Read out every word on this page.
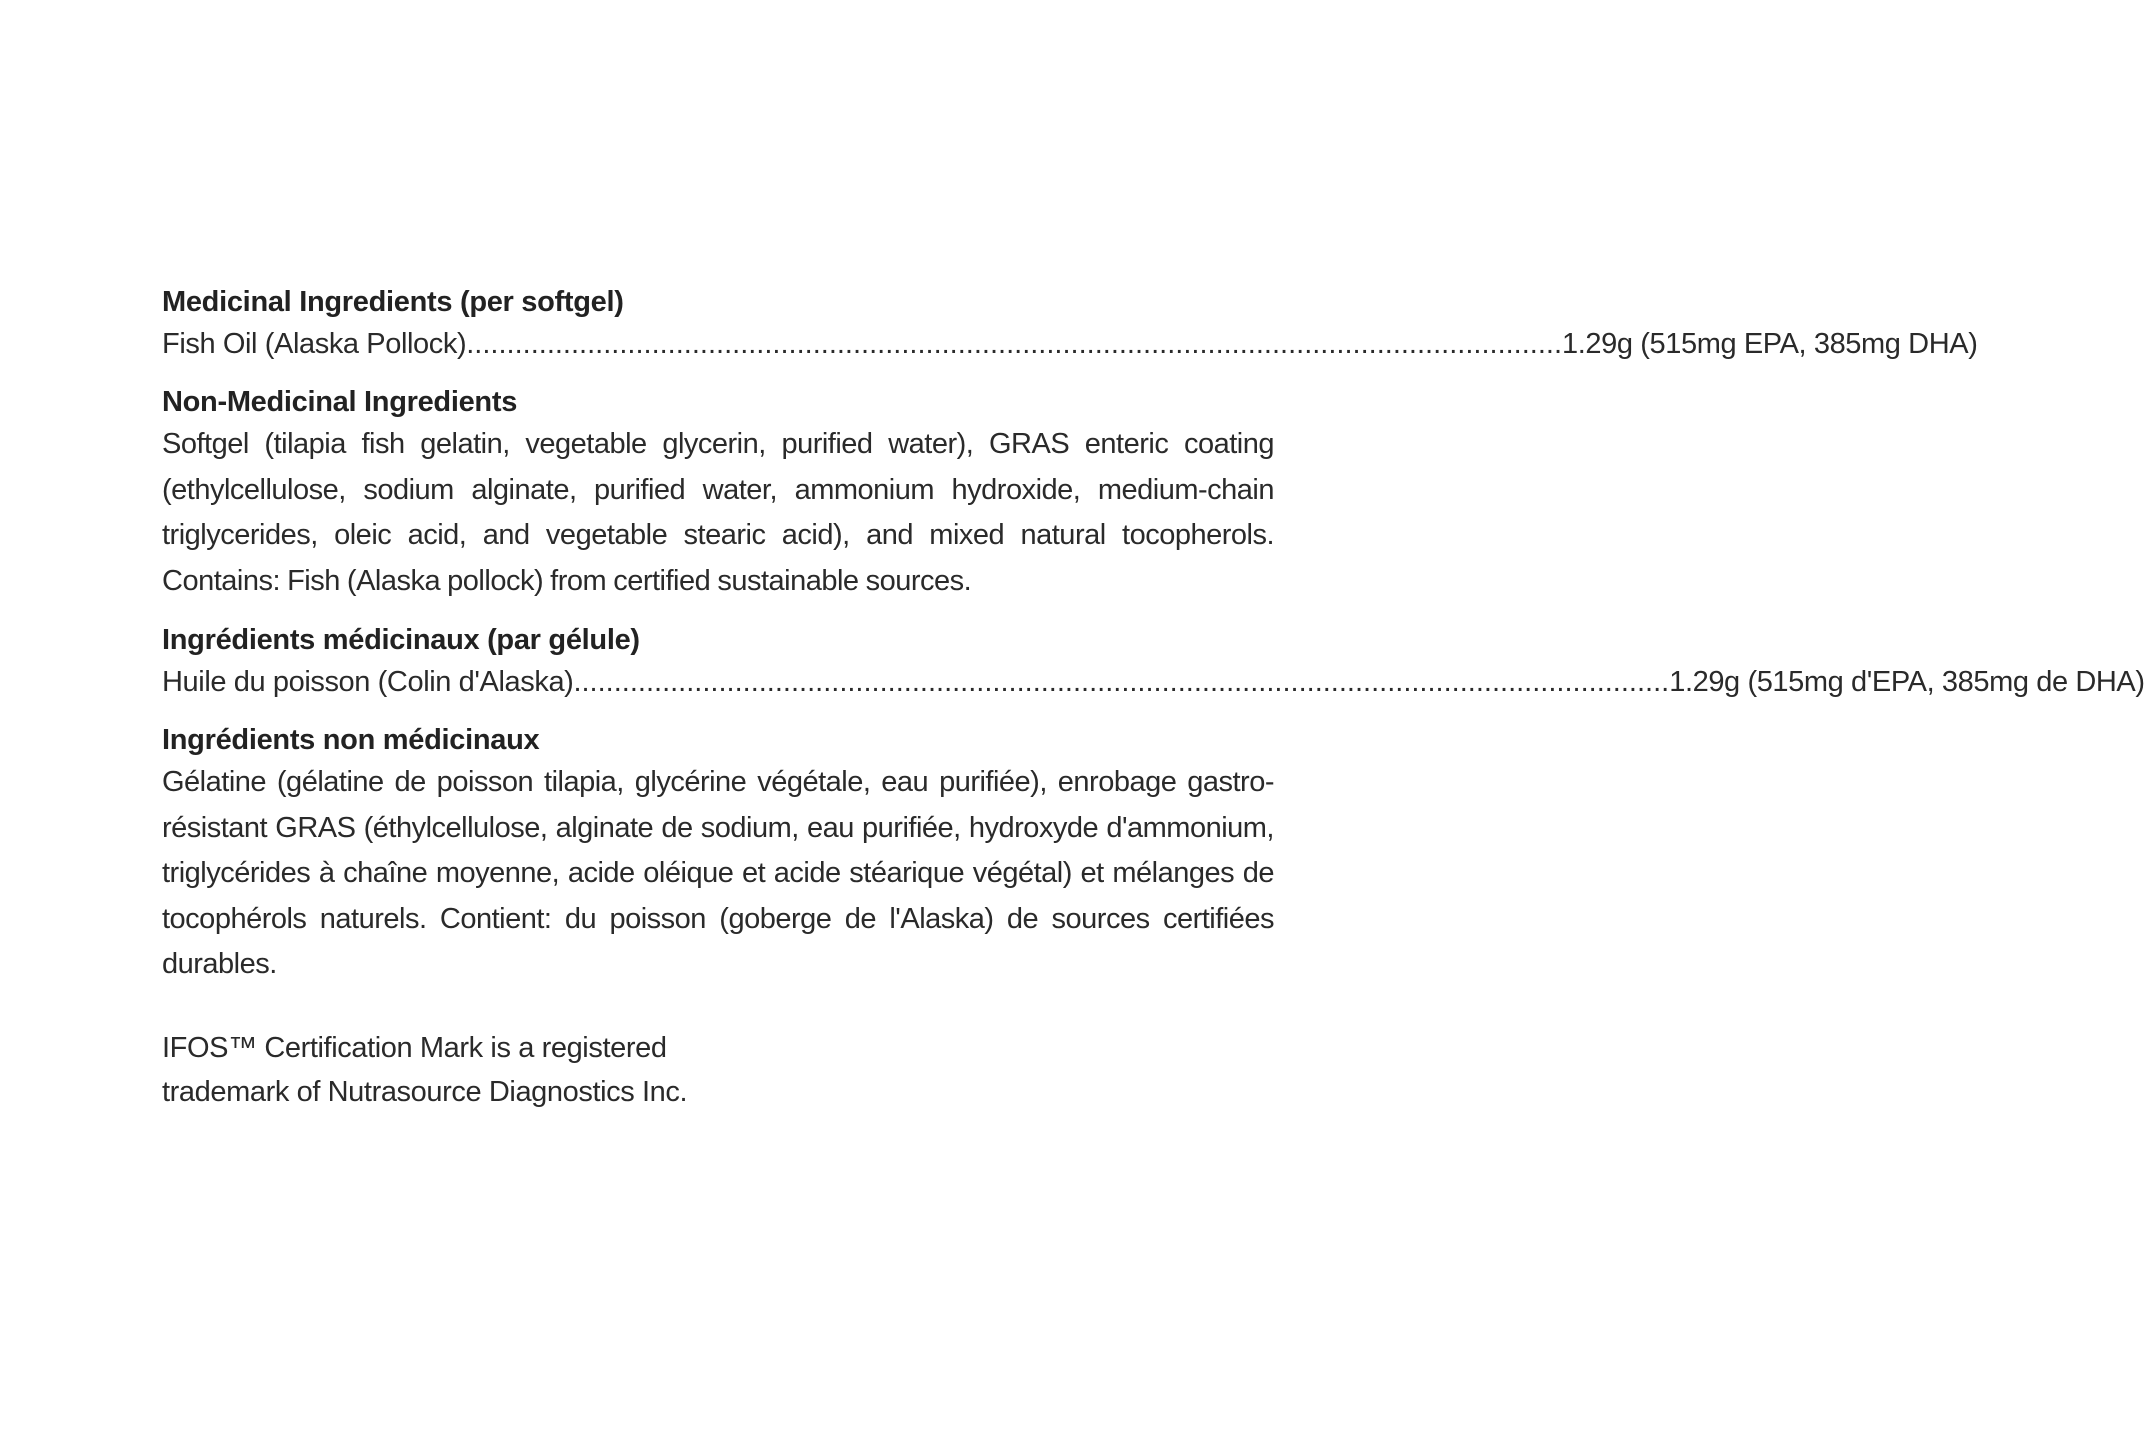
Medicinal Ingredients (per softgel)
Fish Oil (Alaska Pollock) ........................................................................................................................................ 1.29g (515mg EPA, 385mg DHA)
Non-Medicinal Ingredients
Softgel (tilapia fish gelatin, vegetable glycerin, purified water), GRAS enteric coating (ethylcellulose, sodium alginate, purified water, ammonium hydroxide, medium-chain triglycerides, oleic acid, and vegetable stearic acid), and mixed natural tocopherols. Contains: Fish (Alaska pollock) from certified sustainable sources.
Ingrédients médicinaux (par gélule)
Huile du poisson (Colin d'Alaska) ........................................................................................................................................ 1.29g (515mg d'EPA, 385mg de DHA)
Ingrédients non médicinaux
Gélatine (gélatine de poisson tilapia, glycérine végétale, eau purifiée), enrobage gastro-résistant GRAS (éthylcellulose, alginate de sodium, eau purifiée, hydroxyde d'ammonium, triglycérides à chaîne moyenne, acide oléique et acide stéarique végétal) et mélanges de tocophérols naturels. Contient: du poisson (goberge de l'Alaska) de sources certifiées durables.
IFOS™ Certification Mark is a registered
trademark of Nutrasource Diagnostics Inc.
